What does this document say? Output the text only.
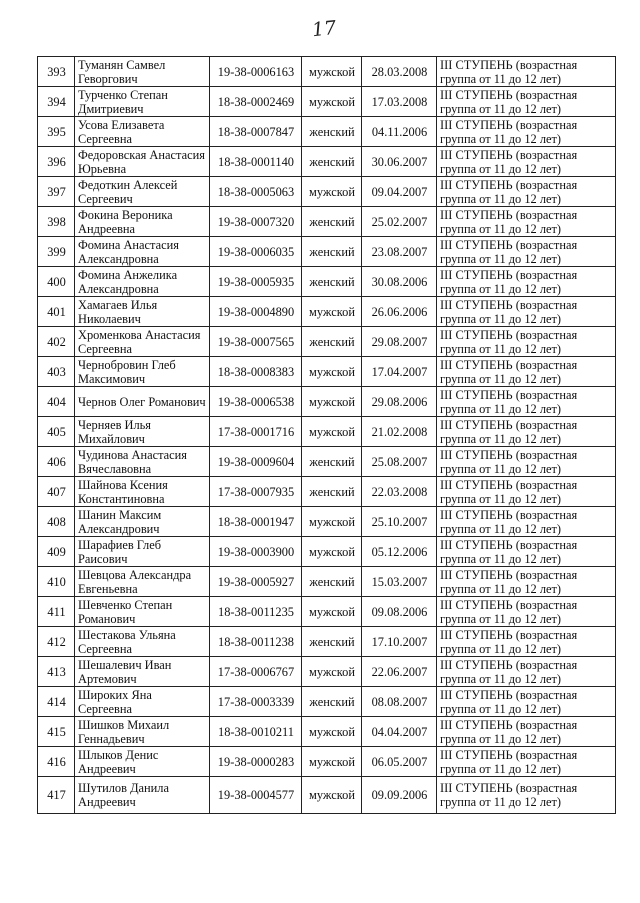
17
393	Туманян Самвел Геворгович	19-38-0006163	мужской	28.03.2008	III СТУПЕНЬ (возрастная группа от 11 до 12 лет)
394	Турченко Степан Дмитриевич	18-38-0002469	мужской	17.03.2008	III СТУПЕНЬ (возрастная группа от 11 до 12 лет)
395	Усова Елизавета Сергеевна	18-38-0007847	женский	04.11.2006	III СТУПЕНЬ (возрастная группа от 11 до 12 лет)
396	Федоровская Анастасия Юрьевна	18-38-0001140	женский	30.06.2007	III СТУПЕНЬ (возрастная группа от 11 до 12 лет)
397	Федоткин Алексей Сергеевич	18-38-0005063	мужской	09.04.2007	III СТУПЕНЬ (возрастная группа от 11 до 12 лет)
398	Фокина Вероника Андреевна	19-38-0007320	женский	25.02.2007	III СТУПЕНЬ (возрастная группа от 11 до 12 лет)
399	Фомина Анастасия Александровна	19-38-0006035	женский	23.08.2007	III СТУПЕНЬ (возрастная группа от 11 до 12 лет)
400	Фомина Анжелика Александровна	19-38-0005935	женский	30.08.2006	III СТУПЕНЬ (возрастная группа от 11 до 12 лет)
401	Хамагаев Илья Николаевич	19-38-0004890	мужской	26.06.2006	III СТУПЕНЬ (возрастная группа от 11 до 12 лет)
402	Хроменкова Анастасия Сергеевна	19-38-0007565	женский	29.08.2007	III СТУПЕНЬ (возрастная группа от 11 до 12 лет)
403	Чернобровин Глеб Максимович	18-38-0008383	мужской	17.04.2007	III СТУПЕНЬ (возрастная группа от 11 до 12 лет)
404	Чернов Олег Романович	19-38-0006538	мужской	29.08.2006	III СТУПЕНЬ (возрастная группа от 11 до 12 лет)
405	Черняев Илья Михайлович	17-38-0001716	мужской	21.02.2008	III СТУПЕНЬ (возрастная группа от 11 до 12 лет)
406	Чудинова Анастасия Вячеславовна	19-38-0009604	женский	25.08.2007	III СТУПЕНЬ (возрастная группа от 11 до 12 лет)
407	Шайнова Ксения Константиновна	17-38-0007935	женский	22.03.2008	III СТУПЕНЬ (возрастная группа от 11 до 12 лет)
408	Шанин Максим Александрович	18-38-0001947	мужской	25.10.2007	III СТУПЕНЬ (возрастная группа от 11 до 12 лет)
409	Шарафиев Глеб Раисович	19-38-0003900	мужской	05.12.2006	III СТУПЕНЬ (возрастная группа от 11 до 12 лет)
410	Шевцова Александра Евгеньевна	19-38-0005927	женский	15.03.2007	III СТУПЕНЬ (возрастная группа от 11 до 12 лет)
411	Шевченко Степан Романович	18-38-0011235	мужской	09.08.2006	III СТУПЕНЬ (возрастная группа от 11 до 12 лет)
412	Шестакова Ульяна Сергеевна	18-38-0011238	женский	17.10.2007	III СТУПЕНЬ (возрастная группа от 11 до 12 лет)
413	Шешалевич Иван Артемович	17-38-0006767	мужской	22.06.2007	III СТУПЕНЬ (возрастная группа от 11 до 12 лет)
414	Широких Яна Сергеевна	17-38-0003339	женский	08.08.2007	III СТУПЕНЬ (возрастная группа от 11 до 12 лет)
415	Шишков Михаил Геннадьевич	18-38-0010211	мужской	04.04.2007	III СТУПЕНЬ (возрастная группа от 11 до 12 лет)
416	Шлыков Денис Андреевич	19-38-0000283	мужской	06.05.2007	III СТУПЕНЬ (возрастная группа от 11 до 12 лет)
417	Шутилов Данила Андреевич	19-38-0004577	мужской	09.09.2006	III СТУПЕНЬ (возрастная группа от 11 до 12 лет)
